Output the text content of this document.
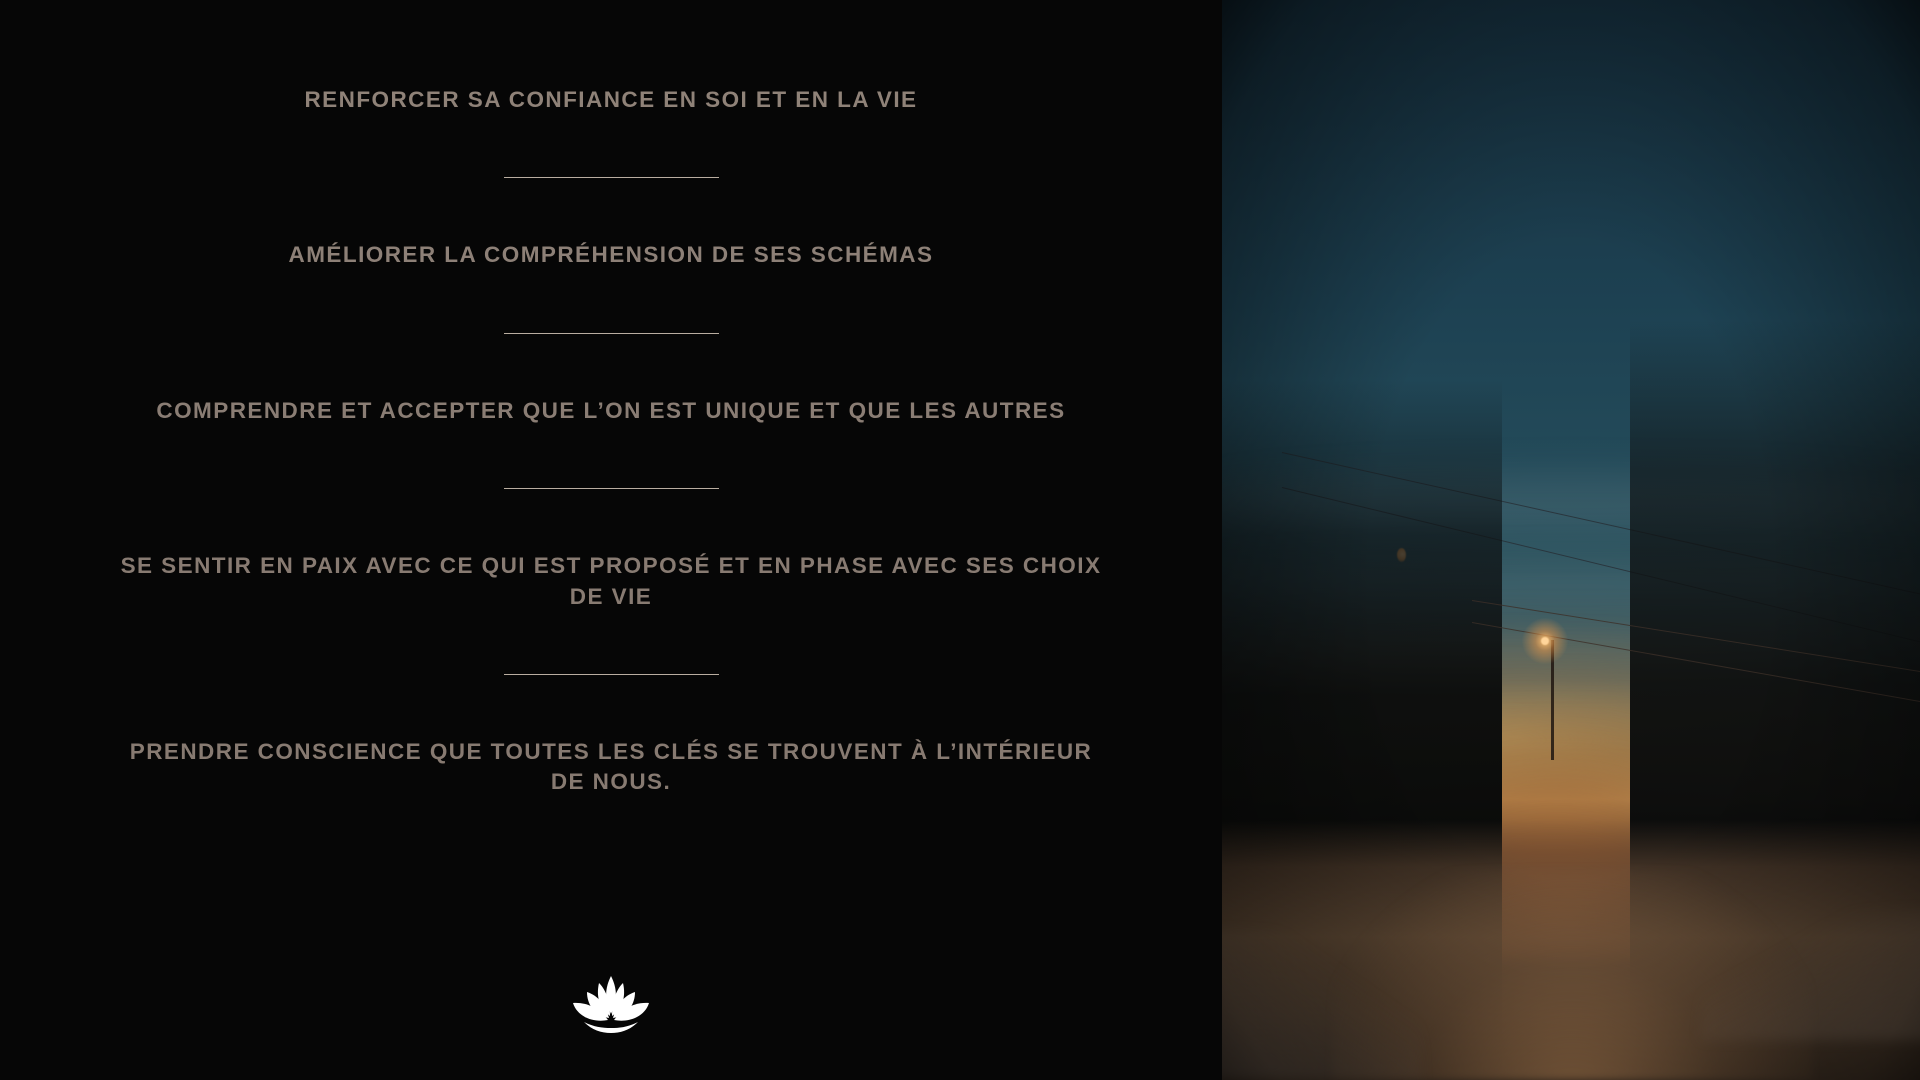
RENFORCER SA CONFIANCE EN SOI ET EN LA VIE
AMÉLIORER LA COMPRÉHENSION DE SES SCHÉMAS
COMPRENDRE ET ACCEPTER QUE L’ON EST UNIQUE ET QUE LES AUTRES
SE SENTIR EN PAIX AVEC CE QUI EST PROPOSÉ ET EN PHASE AVEC SES CHOIX DE VIE
PRENDRE CONSCIENCE QUE TOUTES LES CLÉS SE TROUVENT À L’INTÉRIEUR DE NOUS.
